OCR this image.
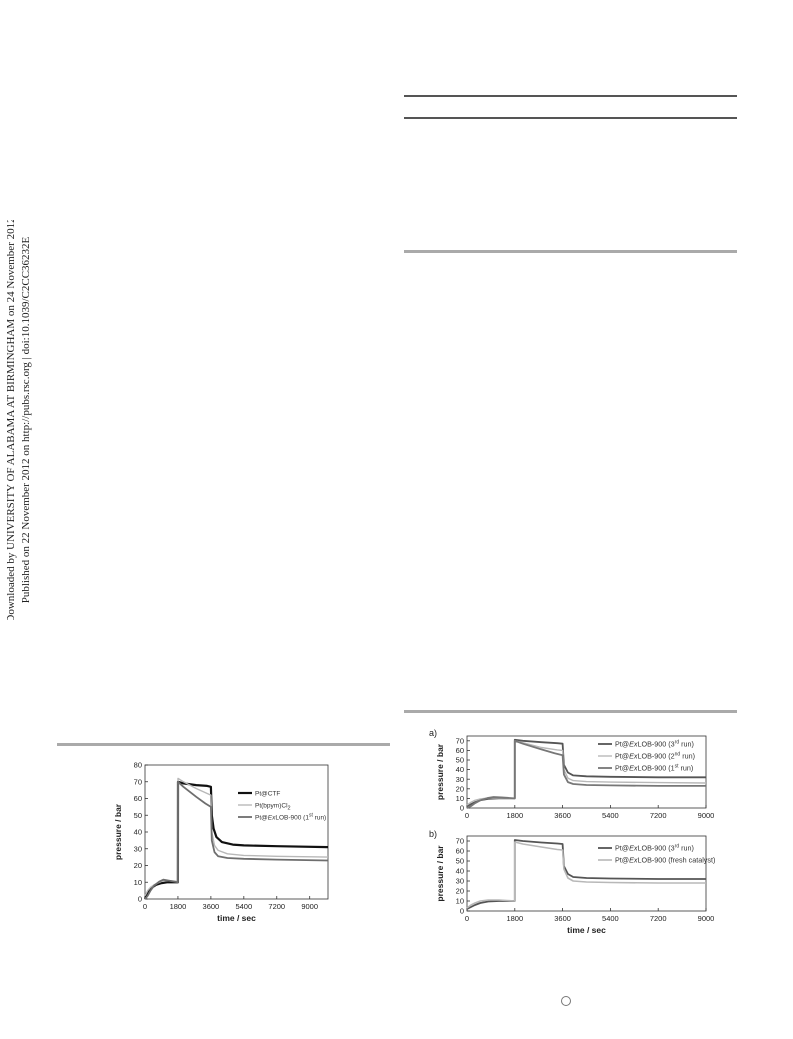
Downloaded by UNIVERSITY OF ALABAMA AT BIRMINGHAM on 24 November 2012 Published on 22 November 2012 on http://pubs.rsc.org | doi:10.1039/C2CC36232E
0
10
20
30
40
50
60
70
80
0	1800 3600 5400 7200 9000
pressure / bar
time / sec
Pt@CTF
$Pt(bpym)Cl_2$
Pt@ExLOB-900 (1st run)
0
10
20
30
40
50
60
70
0	1800	3600	5400	7200	9000
pressure / bar
a)
Pt@ExLOB-900 (3rd run)
Pt@ExLOB-900 (2nd run)
Pt@ExLOB-900 (1st run)
0
10
20
30
40
50
60
70
0	1800	3600	5400	7200	9000
pressure / bar
time / sec
b)
Pt@ExLOB-900 (3rd run)
Pt@ExLOB-900 (fresh catalyst)
